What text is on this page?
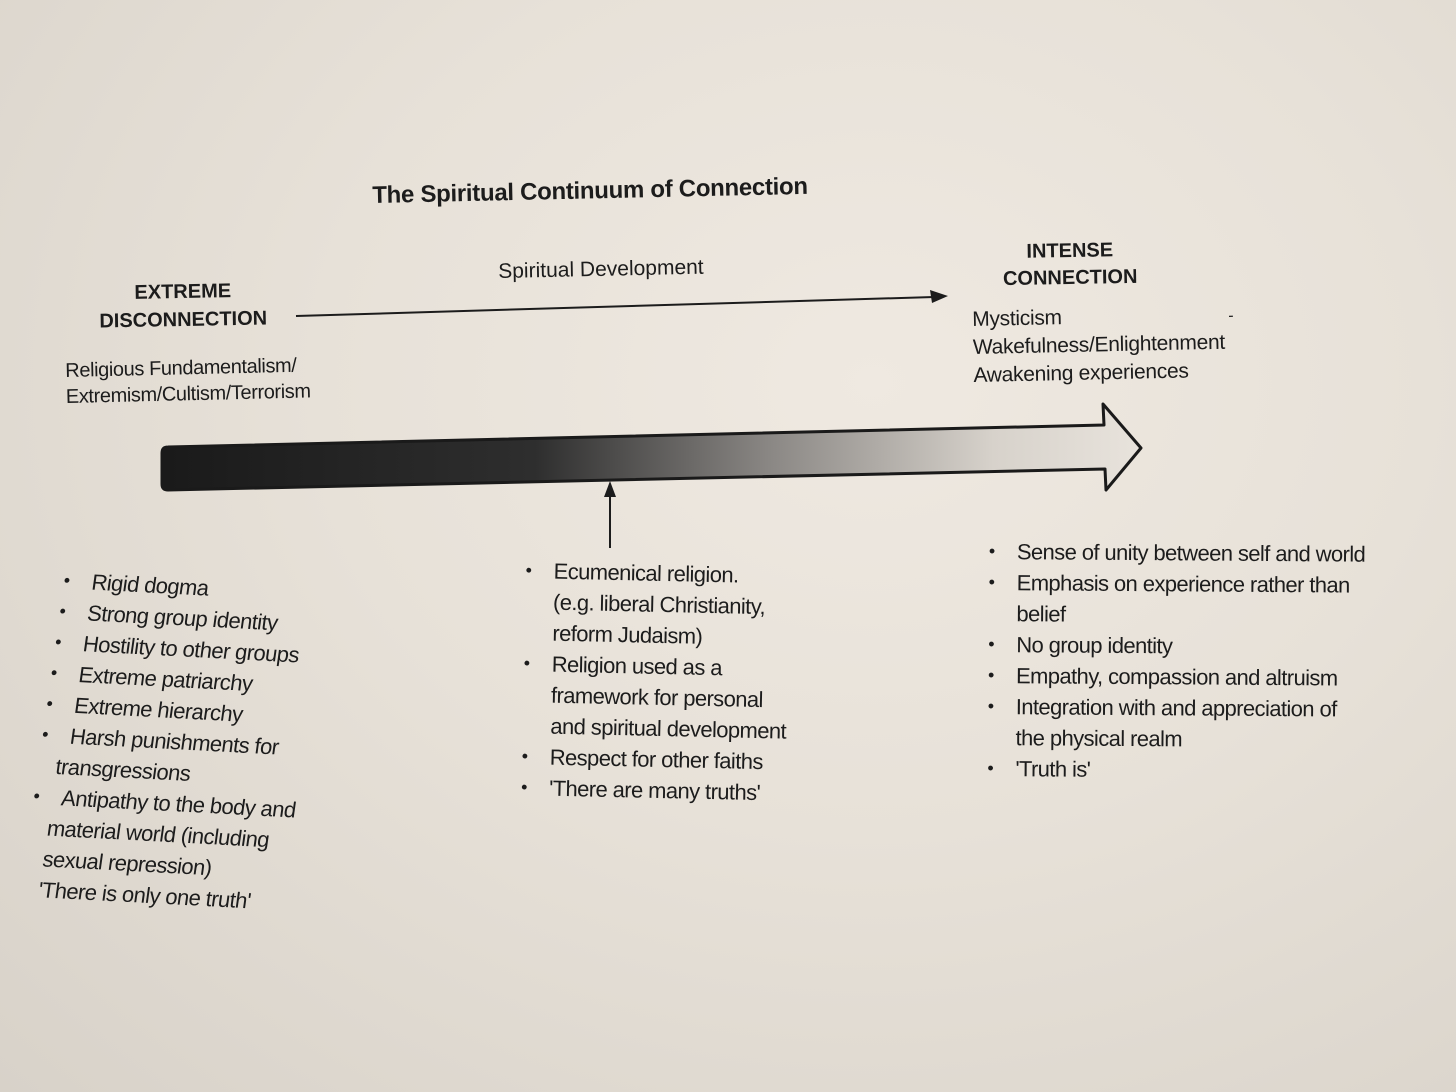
The Spiritual Continuum of Connection
EXTREME
DISCONNECTION
Spiritual Development
INTENSE
CONNECTION
Religious Fundamentalism/
Extremism/Cultism/Terrorism
Mysticism
Wakefulness/Enlightenment
Awakening experiences
-
• Rigid dogma
• Strong group identity
• Hostility to other groups
• Extreme patriarchy
• Extreme hierarchy
• Harsh punishments for
transgressions
• Antipathy to the body and
material world (including
sexual repression)
'There is only one truth'
• Ecumenical religion.
(e.g. liberal Christianity,
reform Judaism)
• Religion used as a
framework for personal
and spiritual development
• Respect for other faiths
• 'There are many truths'
• Sense of unity between self and world
• Emphasis on experience rather than
belief
• No group identity
• Empathy, compassion and altruism
• Integration with and appreciation of
the physical realm
• 'Truth is'
